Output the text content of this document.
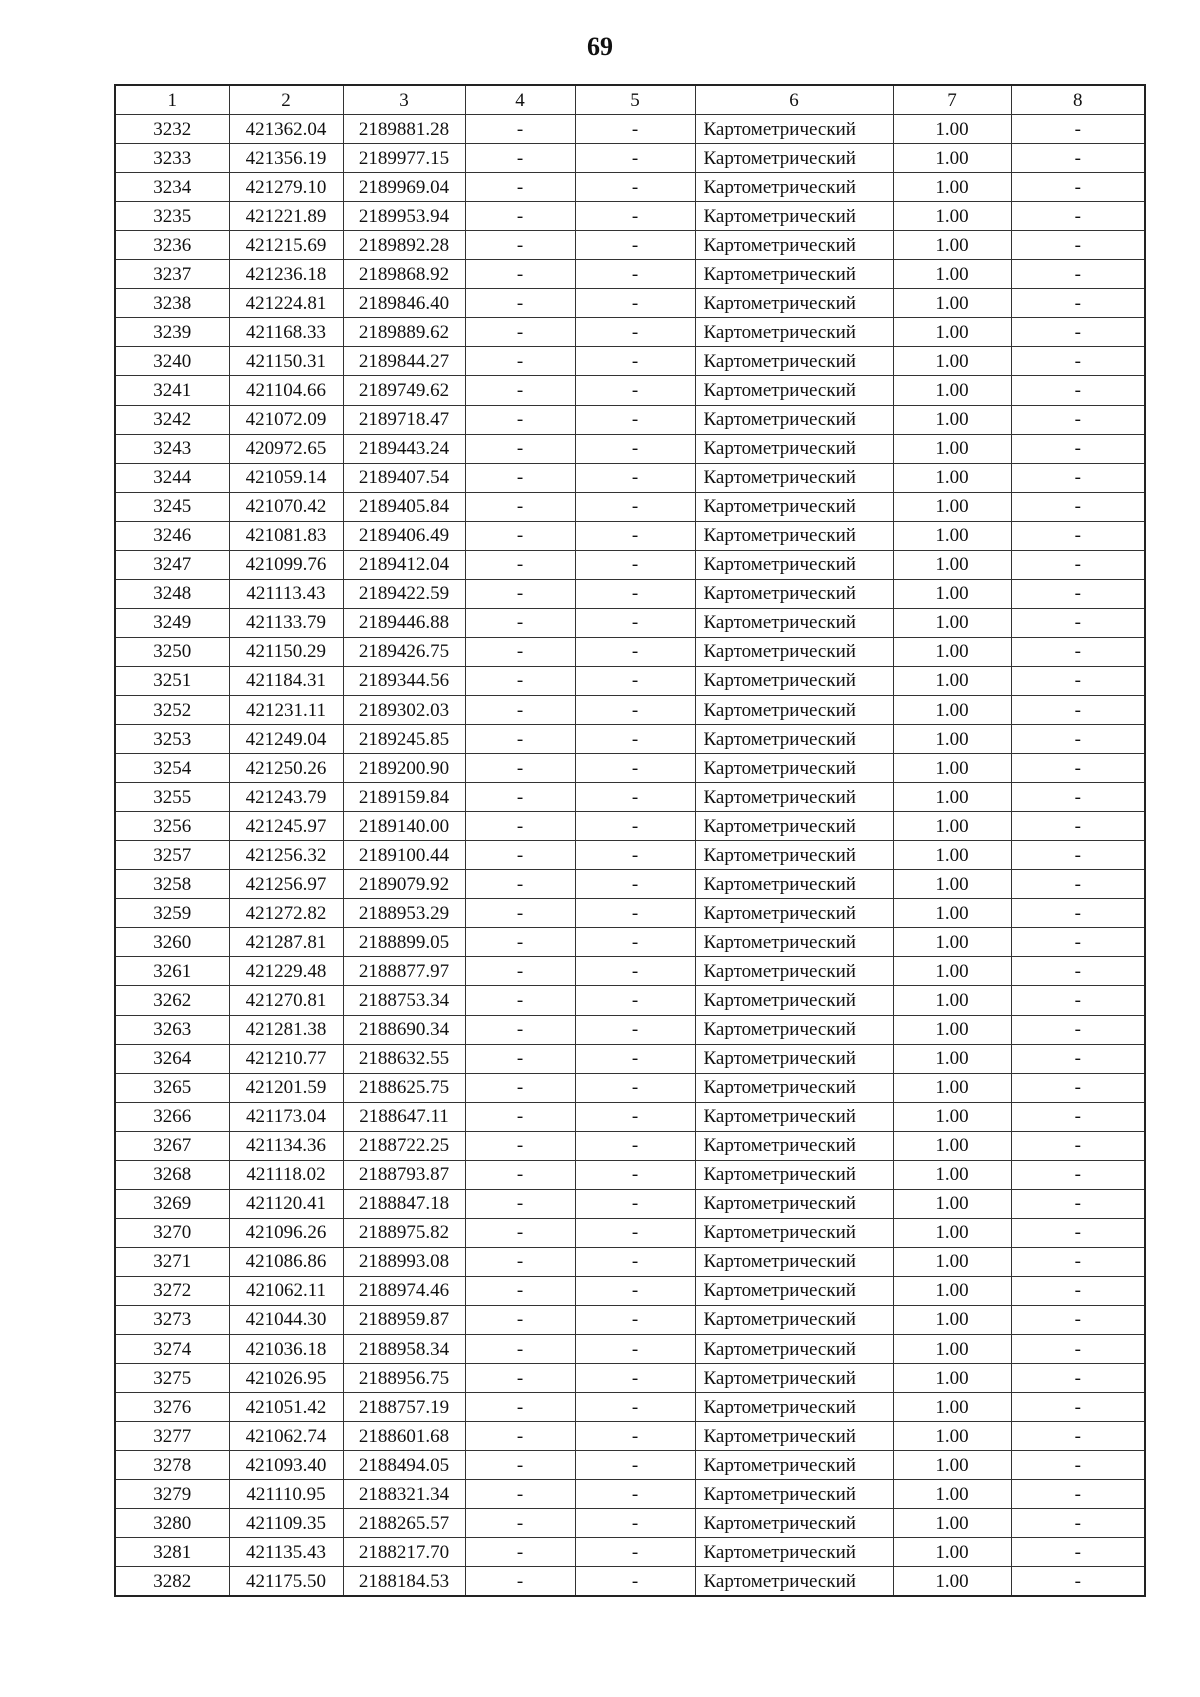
69
1	2	3	4	5	6	7	8
3232	421362.04	2189881.28	-	-	Картометрический	1.00	-
3233	421356.19	2189977.15	-	-	Картометрический	1.00	-
3234	421279.10	2189969.04	-	-	Картометрический	1.00	-
3235	421221.89	2189953.94	-	-	Картометрический	1.00	-
3236	421215.69	2189892.28	-	-	Картометрический	1.00	-
3237	421236.18	2189868.92	-	-	Картометрический	1.00	-
3238	421224.81	2189846.40	-	-	Картометрический	1.00	-
3239	421168.33	2189889.62	-	-	Картометрический	1.00	-
3240	421150.31	2189844.27	-	-	Картометрический	1.00	-
3241	421104.66	2189749.62	-	-	Картометрический	1.00	-
3242	421072.09	2189718.47	-	-	Картометрический	1.00	-
3243	420972.65	2189443.24	-	-	Картометрический	1.00	-
3244	421059.14	2189407.54	-	-	Картометрический	1.00	-
3245	421070.42	2189405.84	-	-	Картометрический	1.00	-
3246	421081.83	2189406.49	-	-	Картометрический	1.00	-
3247	421099.76	2189412.04	-	-	Картометрический	1.00	-
3248	421113.43	2189422.59	-	-	Картометрический	1.00	-
3249	421133.79	2189446.88	-	-	Картометрический	1.00	-
3250	421150.29	2189426.75	-	-	Картометрический	1.00	-
3251	421184.31	2189344.56	-	-	Картометрический	1.00	-
3252	421231.11	2189302.03	-	-	Картометрический	1.00	-
3253	421249.04	2189245.85	-	-	Картометрический	1.00	-
3254	421250.26	2189200.90	-	-	Картометрический	1.00	-
3255	421243.79	2189159.84	-	-	Картометрический	1.00	-
3256	421245.97	2189140.00	-	-	Картометрический	1.00	-
3257	421256.32	2189100.44	-	-	Картометрический	1.00	-
3258	421256.97	2189079.92	-	-	Картометрический	1.00	-
3259	421272.82	2188953.29	-	-	Картометрический	1.00	-
3260	421287.81	2188899.05	-	-	Картометрический	1.00	-
3261	421229.48	2188877.97	-	-	Картометрический	1.00	-
3262	421270.81	2188753.34	-	-	Картометрический	1.00	-
3263	421281.38	2188690.34	-	-	Картометрический	1.00	-
3264	421210.77	2188632.55	-	-	Картометрический	1.00	-
3265	421201.59	2188625.75	-	-	Картометрический	1.00	-
3266	421173.04	2188647.11	-	-	Картометрический	1.00	-
3267	421134.36	2188722.25	-	-	Картометрический	1.00	-
3268	421118.02	2188793.87	-	-	Картометрический	1.00	-
3269	421120.41	2188847.18	-	-	Картометрический	1.00	-
3270	421096.26	2188975.82	-	-	Картометрический	1.00	-
3271	421086.86	2188993.08	-	-	Картометрический	1.00	-
3272	421062.11	2188974.46	-	-	Картометрический	1.00	-
3273	421044.30	2188959.87	-	-	Картометрический	1.00	-
3274	421036.18	2188958.34	-	-	Картометрический	1.00	-
3275	421026.95	2188956.75	-	-	Картометрический	1.00	-
3276	421051.42	2188757.19	-	-	Картометрический	1.00	-
3277	421062.74	2188601.68	-	-	Картометрический	1.00	-
3278	421093.40	2188494.05	-	-	Картометрический	1.00	-
3279	421110.95	2188321.34	-	-	Картометрический	1.00	-
3280	421109.35	2188265.57	-	-	Картометрический	1.00	-
3281	421135.43	2188217.70	-	-	Картометрический	1.00	-
3282	421175.50	2188184.53	-	-	Картометрический	1.00	-
